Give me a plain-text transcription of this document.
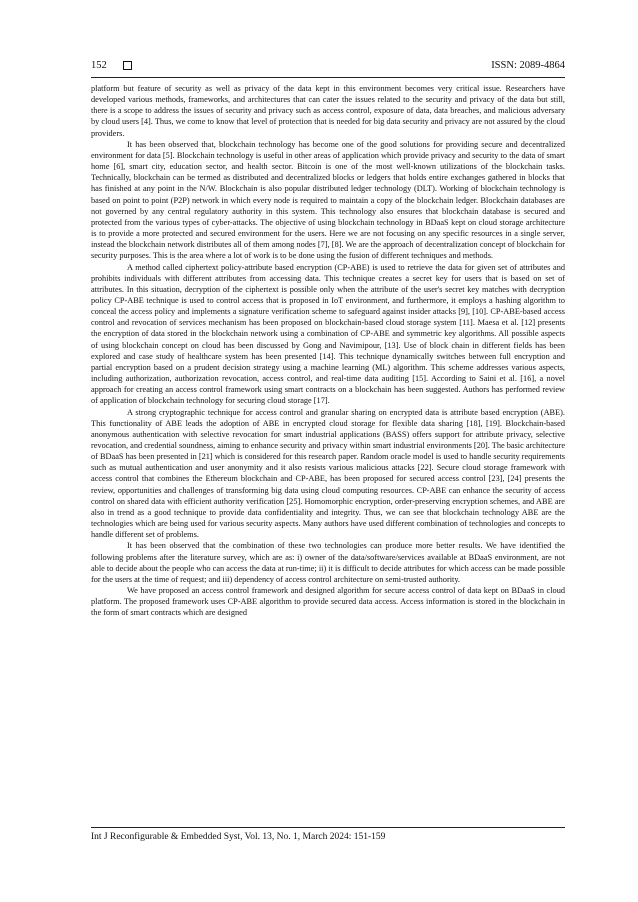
152	ISSN: 2089-4864

platform but feature of security as well as privacy of the data kept in this environment becomes very critical issue. Researchers have developed various methods, frameworks, and architectures that can cater the issues related to the security and privacy of the data but still, there is a scope to address the issues of security and privacy such as access control, exposure of data, data breaches, and malicious adversary by cloud users [4]. Thus, we come to know that level of protection that is needed for big data security and privacy are not assured by the cloud providers.

It has been observed that, blockchain technology has become one of the good solutions for providing secure and decentralized environment for data [5]. Blockchain technology is useful in other areas of application which provide privacy and security to the data of smart home [6], smart city, education sector, and health sector. Bitcoin is one of the most well-known utilizations of the blockchain tasks. Technically, blockchain can be termed as distributed and decentralized blocks or ledgers that holds entire exchanges gathered in blocks that has finished at any point in the N/W. Blockchain is also popular distributed ledger technology (DLT). Working of blockchain technology is based on point to point (P2P) network in which every node is required to maintain a copy of the blockchain ledger. Blockchain databases are not governed by any central regulatory authority in this system. This technology also ensures that blockchain database is secured and protected from the various types of cyber-attacks. The objective of using blockchain technology in BDaaS kept on cloud storage architecture is to provide a more protected and secured environment for the users. Here we are not focusing on any specific resources in a single server, instead the blockchain network distributes all of them among nodes [7], [8]. We are the approach of decentralization concept of blockchain for security purposes. This is the area where a lot of work is to be done using the fusion of different techniques and methods.

A method called ciphertext policy-attribute based encryption (CP-ABE) is used to retrieve the data for given set of attributes and prohibits individuals with different attributes from accessing data. This technique creates a secret key for users that is based on set of attributes. In this situation, decryption of the ciphertext is possible only when the attribute of the user's secret key matches with decryption policy CP-ABE technique is used to control access that is proposed in IoT environment, and furthermore, it employs a hashing algorithm to conceal the access policy and implements a signature verification scheme to safeguard against insider attacks [9], [10]. CP-ABE-based access control and revocation of services mechanism has been proposed on blockchain-based cloud storage system [11]. Maesa et al. [12] presents the encryption of data stored in the blockchain network using a combination of CP-ABE and symmetric key algorithms. All possible aspects of using blockchain concept on cloud has been discussed by Gong and Navimipour, [13]. Use of block chain in different fields has been explored and case study of healthcare system has been presented [14]. This technique dynamically switches between full encryption and partial encryption based on a prudent decision strategy using a machine learning (ML) algorithm. This scheme addresses various aspects, including authorization, authorization revocation, access control, and real-time data auditing [15]. According to Saini et al. [16], a novel approach for creating an access control framework using smart contracts on a blockchain has been suggested. Authors has performed review of application of blockchain technology for securing cloud storage [17].

A strong cryptographic technique for access control and granular sharing on encrypted data is attribute based encryption (ABE). This functionality of ABE leads the adoption of ABE in encrypted cloud storage for flexible data sharing [18], [19]. Blockchain-based anonymous authentication with selective revocation for smart industrial applications (BASS) offers support for attribute privacy, selective revocation, and credential soundness, aiming to enhance security and privacy within smart industrial environments [20]. The basic architecture of BDaaS has been presented in [21] which is considered for this research paper. Random oracle model is used to handle security requirements such as mutual authentication and user anonymity and it also resists various malicious attacks [22]. Secure cloud storage framework with access control that combines the Ethereum blockchain and CP-ABE, has been proposed for secured access control [23], [24] presents the review, opportunities and challenges of transforming big data using cloud computing resources. CP-ABE can enhance the security of access control on shared data with efficient authority verification [25]. Homomorphic encryption, order-preserving encryption schemes, and ABE are also in trend as a good technique to provide data confidentiality and integrity. Thus, we can see that blockchain technology ABE are the technologies which are being used for various security aspects. Many authors have used different combination of technologies and concepts to handle different set of problems.

It has been observed that the combination of these two technologies can produce more better results. We have identified the following problems after the literature survey, which are as: i) owner of the data/software/services available at BDaaS environment, are not able to decide about the people who can access the data at run-time; ii) it is difficult to decide attributes for which access can be made possible for the users at the time of request; and iii) dependency of access control architecture on semi-trusted authority.

We have proposed an access control framework and designed algorithm for secure access control of data kept on BDaaS in cloud platform. The proposed framework uses CP-ABE algorithm to provide secured data access. Access information is stored in the blockchain in the form of smart contracts which are designed

Int J Reconfigurable & Embedded Syst, Vol. 13, No. 1, March 2024: 151-159
